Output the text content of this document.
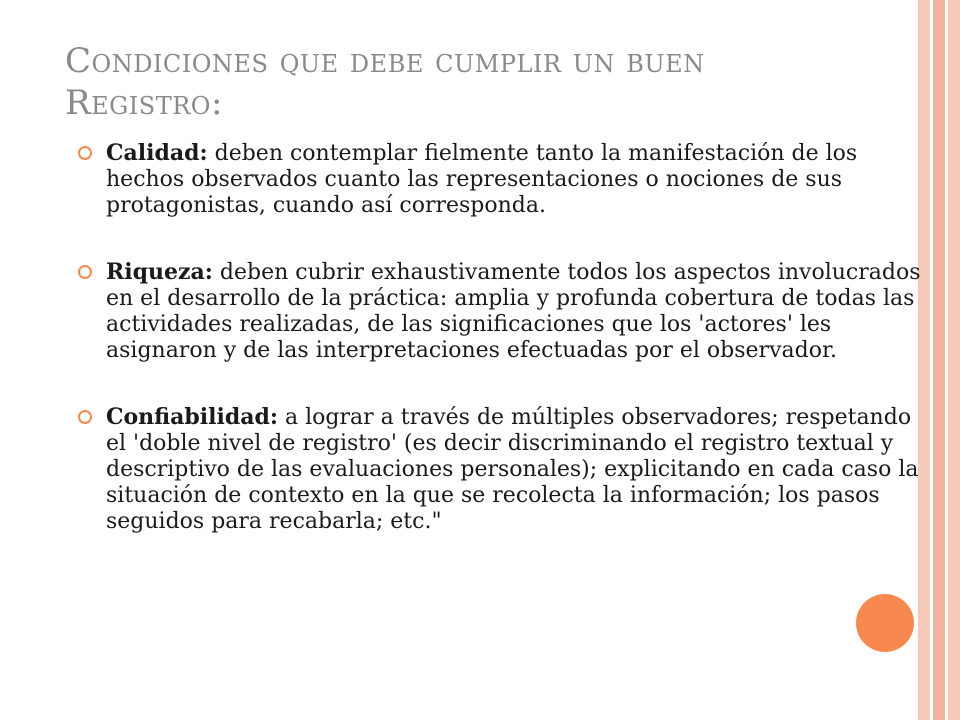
Condiciones que debe cumplir un buen Registro:
Calidad: deben contemplar fielmente tanto la manifestación de los hechos observados cuanto las representaciones o nociones de sus protagonistas, cuando así corresponda.
Riqueza: deben cubrir exhaustivamente todos los aspectos involucrados en el desarrollo de la práctica: amplia y profunda cobertura de todas las actividades realizadas, de las significaciones que los 'actores' les asignaron y de las interpretaciones efectuadas por el observador.
Confiabilidad: a lograr a través de múltiples observadores; respetando el 'doble nivel de registro' (es decir discriminando el registro textual y descriptivo de las evaluaciones personales); explicitando en cada caso la situación de contexto en la que se recolecta la información; los pasos seguidos para recabarla; etc."
